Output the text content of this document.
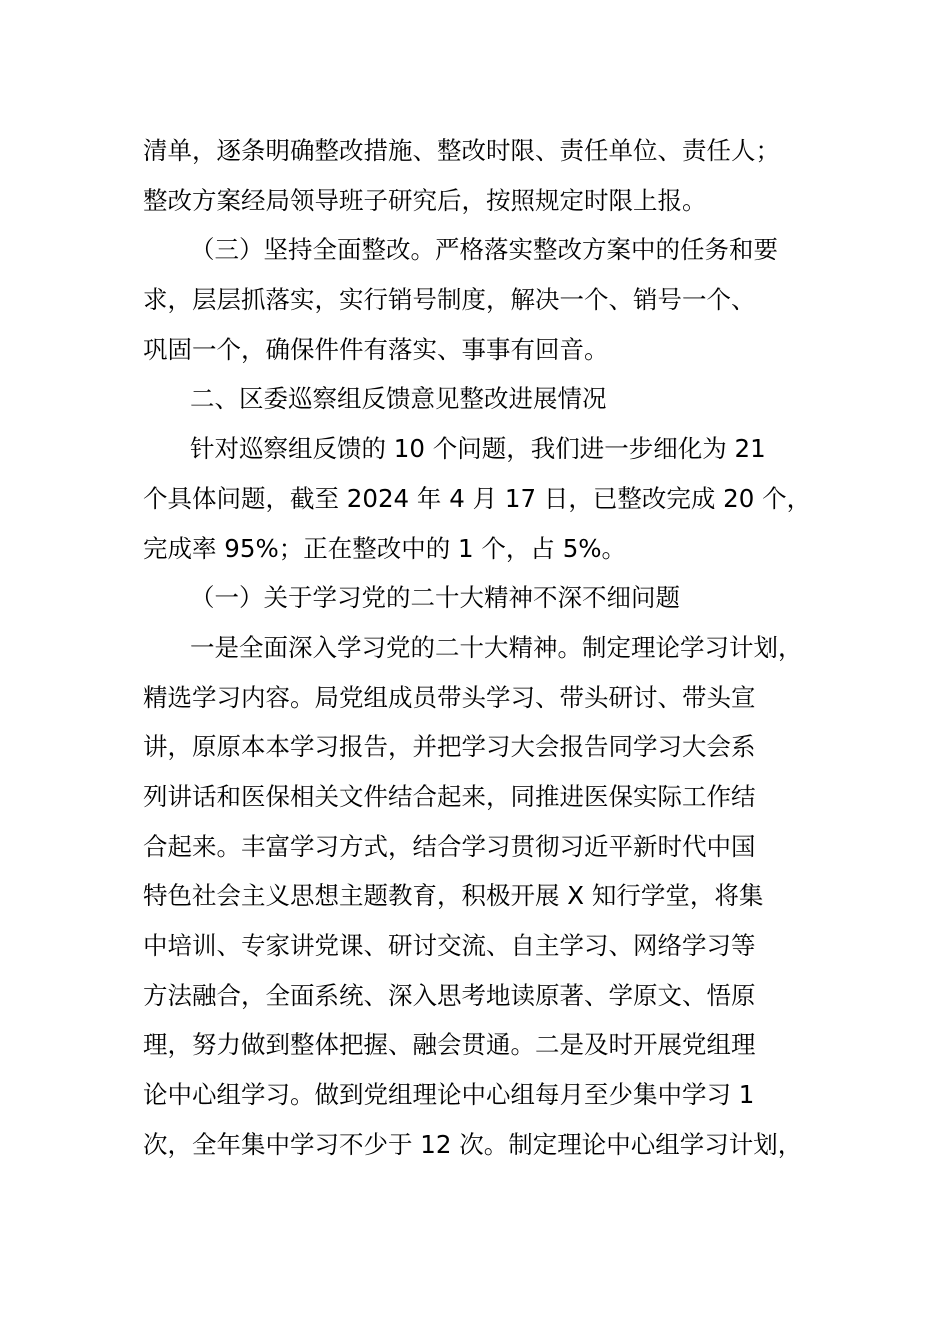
清单，逐条明确整改措施、整改时限、责任单位、责任人；
整改方案经局领导班子研究后，按照规定时限上报。
（三）坚持全面整改。严格落实整改方案中的任务和要
求，层层抓落实，实行销号制度，解决一个、销号一个、
巩固一个，确保件件有落实、事事有回音。
二、区委巡察组反馈意见整改进展情况
针对巡察组反馈的 10 个问题，我们进一步细化为 21
个具体问题，截至 2024 年 4 月 17 日，已整改完成 20 个，
完成率 95%；正在整改中的 1 个，占 5%。
（一）关于学习党的二十大精神不深不细问题
一是全面深入学习党的二十大精神。制定理论学习计划，
精选学习内容。局党组成员带头学习、带头研讨、带头宣
讲，原原本本学习报告，并把学习大会报告同学习大会系
列讲话和医保相关文件结合起来，同推进医保实际工作结
合起来。丰富学习方式，结合学习贯彻习近平新时代中国
特色社会主义思想主题教育，积极开展 X 知行学堂，将集
中培训、专家讲党课、研讨交流、自主学习、网络学习等
方法融合，全面系统、深入思考地读原著、学原文、悟原
理，努力做到整体把握、融会贯通。二是及时开展党组理
论中心组学习。做到党组理论中心组每月至少集中学习 1
次，全年集中学习不少于 12 次。制定理论中心组学习计划，
